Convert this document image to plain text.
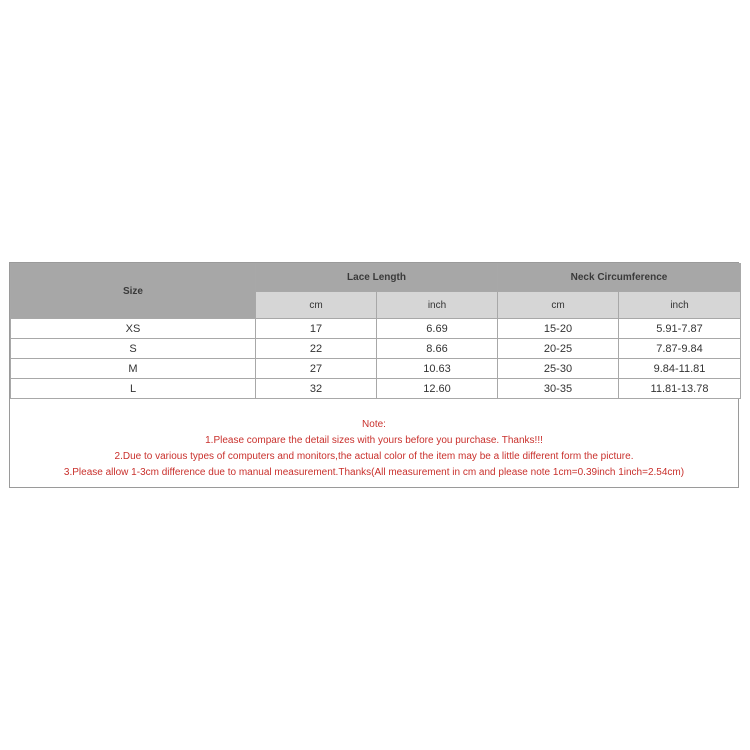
Size	Lace Length		Neck Circumference	
	cm	inch	cm	inch
XS	17	6.69	15-20	5.91-7.87
S	22	8.66	20-25	7.87-9.84
M	27	10.63	25-30	9.84-11.81
L	32	12.60	30-35	11.81-13.78
Note:
1.Please compare the detail sizes with yours before you purchase. Thanks!!!
2.Due to various types of computers and monitors,the actual color of the item may be a little different form the picture.
3.Please allow 1-3cm difference due to manual measurement.Thanks(All measurement in cm and please note 1cm=0.39inch 1inch=2.54cm)
